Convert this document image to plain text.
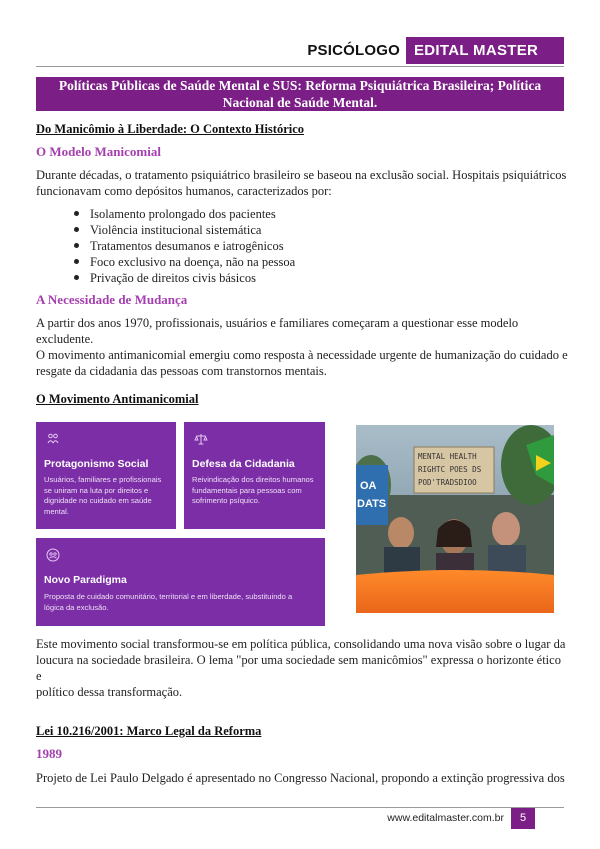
PSICÓLOGO EDITAL MASTER
Políticas Públicas de Saúde Mental e SUS: Reforma Psiquiátrica Brasileira; Política
Nacional de Saúde Mental.
Do Manicômio à Liberdade: O Contexto Histórico
O Modelo Manicomial
Durante décadas, o tratamento psiquiátrico brasileiro se baseou na exclusão social. Hospitais psiquiátricos
funcionavam como depósitos humanos, caracterizados por:
Isolamento prolongado dos pacientes
Violência institucional sistemática
Tratamentos desumanos e iatrogênicos
Foco exclusivo na doença, não na pessoa
Privação de direitos civis básicos
A Necessidade de Mudança
A partir dos anos 1970, profissionais, usuários e familiares começaram a questionar esse modelo excludente.
O movimento antimanicomial emergiu como resposta à necessidade urgente de humanização do cuidado e
resgate da cidadania das pessoas com transtornos mentais.
O Movimento Antimanicomial
Protagonismo Social
Usuários, familiares e profissionais
se uniram na luta por direitos e
dignidade no cuidado em saúde
mental.
Defesa da Cidadania
Reivindicação dos direitos humanos
fundamentais para pessoas com
sofrimento psíquico.
Novo Paradigma
Proposta de cuidado comunitário, territorial e em liberdade, substituindo a
lógica da exclusão.
OA
DATS
MENTAL HEALTH
RIGHTC POES DS
POD'TRADSDIOO
Este movimento social transformou-se em política pública, consolidando uma nova visão sobre o lugar da
loucura na sociedade brasileira. O lema "por uma sociedade sem manicômios" expressa o horizonte ético e
político dessa transformação.
Lei 10.216/2001: Marco Legal da Reforma
1989
Projeto de Lei Paulo Delgado é apresentado no Congresso Nacional, propondo a extinção progressiva dos
www.editalmaster.com.br	5
